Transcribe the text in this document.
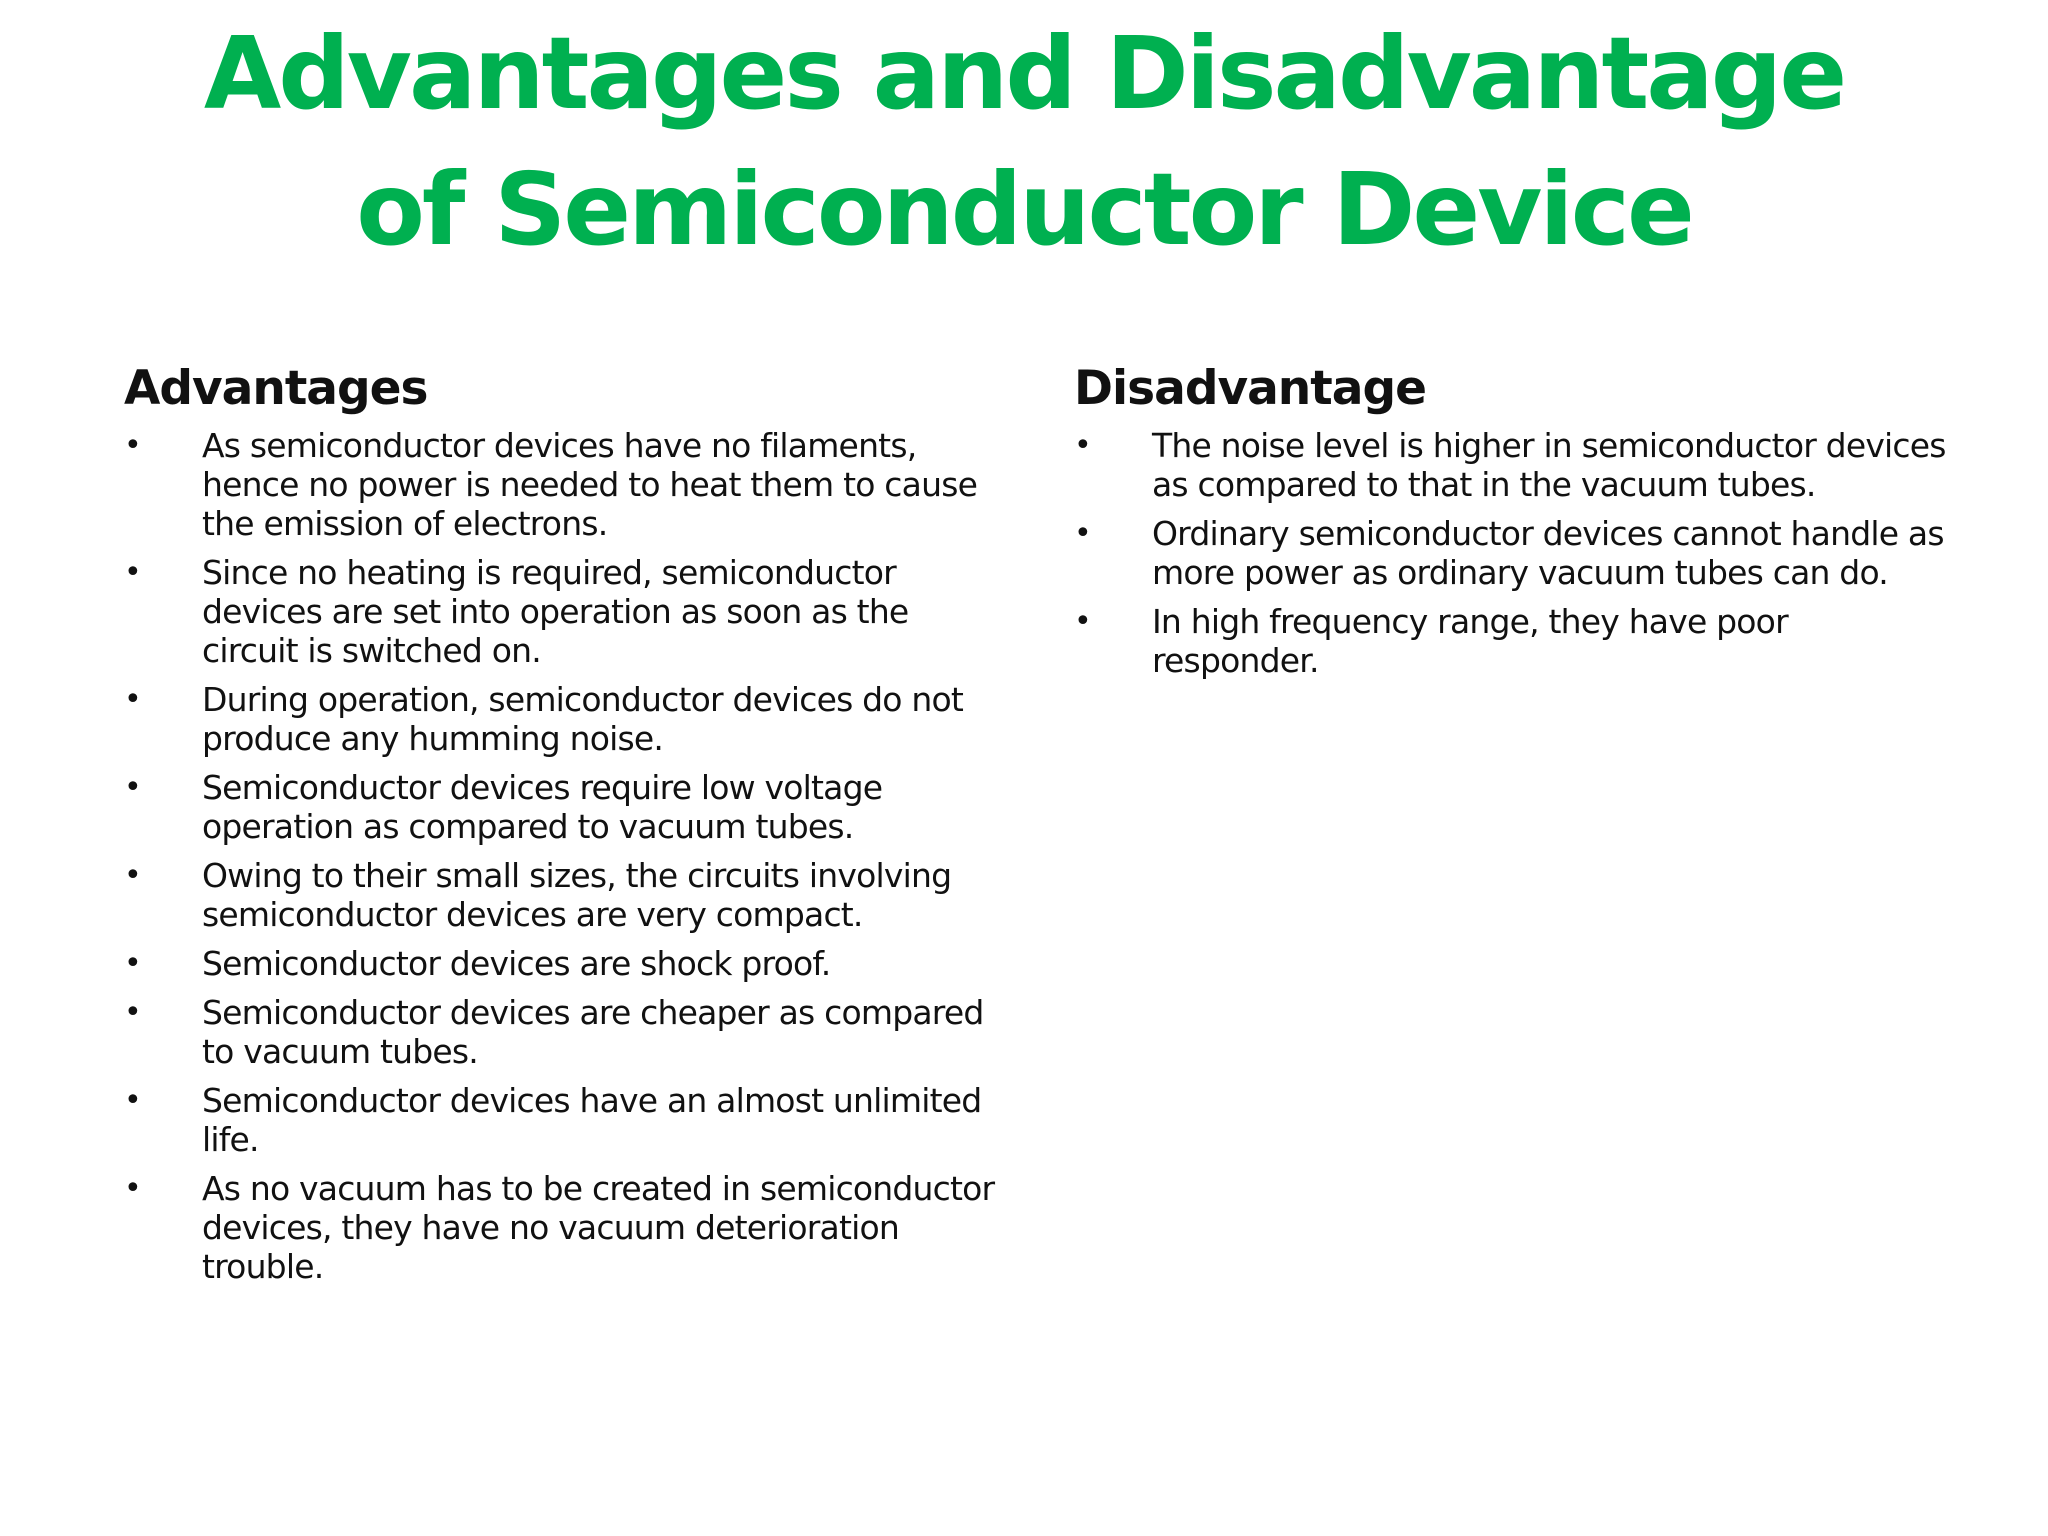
Advantages and Disadvantage
of Semiconductor Device
Advantages
•	As semiconductor devices have no filaments, hence no power is needed to heat them to cause the emission of electrons.
•	Since no heating is required, semiconductor devices are set into operation as soon as the circuit is switched on.
•	During operation, semiconductor devices do not produce any humming noise.
•	Semiconductor devices require low voltage operation as compared to vacuum tubes.
•	Owing to their small sizes, the circuits involving semiconductor devices are very compact.
•	Semiconductor devices are shock proof.
•	Semiconductor devices are cheaper as compared to vacuum tubes.
•	Semiconductor devices have an almost unlimited life.
•	As no vacuum has to be created in semiconductor devices, they have no vacuum deterioration trouble.
Disadvantage
•	The noise level is higher in semiconductor devices as compared to that in the vacuum tubes.
•	Ordinary semiconductor devices cannot handle as more power as ordinary vacuum tubes can do.
•	In high frequency range, they have poor responder.
